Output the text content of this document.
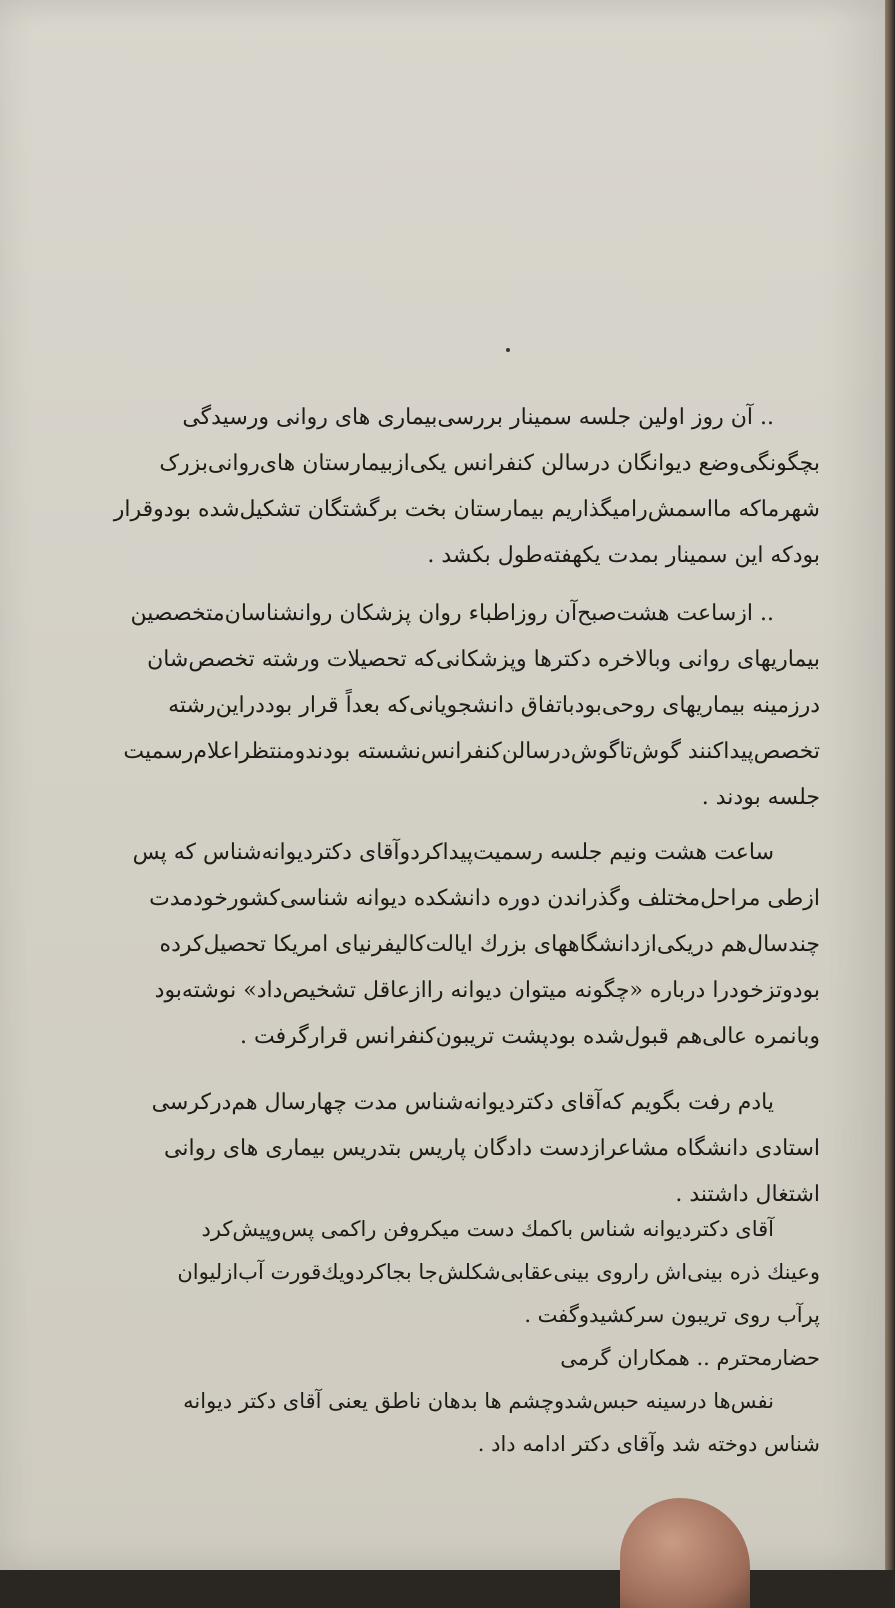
.. آن روز اولین جلسه سمینار بررسی‌بیماری های روانی ورسیدگی
بچگونگی‌وضع دیوانگان درسالن کنفرانس یکی‌ازبیمارستان های‌روانی‌بزرک
شهرماکه مااسمش‌رامیگذاریم بیمارستان بخت برگشتگان تشکیل‌شده بودوقرار
بودکه این سمینار بمدت یکهفته‌طول بکشد .
.. ازساعت هشت‌صبح‌آن روزاطباء روان پزشکان روانشناسان‌متخصصین
بیماریهای روانی وبالاخره دکترها وپزشکانی‌که تحصیلات ورشته تخصص‌شان
درزمینه بیماریهای روحی‌بودباتفاق دانشجویانی‌که بعداً قرار بوددراین‌رشته
تخصص‌پیداکنند گوش‌تاگوش‌درسالن‌کنفرانس‌نشسته بودندومنتظراعلام‌رسمیت
جلسه بودند .
ساعت هشت ونیم جلسه رسمیت‌پیداکردوآقای دکتردیوانه‌شناس که پس
ازطی مراحل‌مختلف وگذراندن دوره دانشکده دیوانه شناسی‌کشورخودمدت
چندسال‌هم دریکی‌ازدانشگاههای بزرك ایالت‌کالیفرنیای امریکا تحصیل‌کرده
بودوتزخودرا درباره «چگونه میتوان دیوانه راازعاقل تشخیص‌داد» نوشته‌بود
وبانمره عالی‌هم قبول‌شده بودپشت تریبون‌کنفرانس قرارگرفت .
یادم رفت بگویم که‌آقای دکتردیوانه‌شناس مدت چهارسال هم‌درکرسی
استادی دانشگاه مشاعرازدست دادگان پاریس بتدریس بیماری های روانی
اشتغال داشتند .
آقای دکتردیوانه شناس باکمك دست میکروفن راکمی پس‌وپیش‌کرد
وعینك ذره بینی‌اش راروی بینی‌عقابی‌شکلش‌جا بجاکردویك‌قورت آب‌ازلیوان
پرآب روی تریبون سرکشیدوگفت .
حضارمحترم .. همکاران گرمی
نفس‌ها درسینه حبس‌شدوچشم ها بدهان ناطق یعنی آقای دکتر دیوانه
شناس دوخته شد وآقای دکتر ادامه داد .
